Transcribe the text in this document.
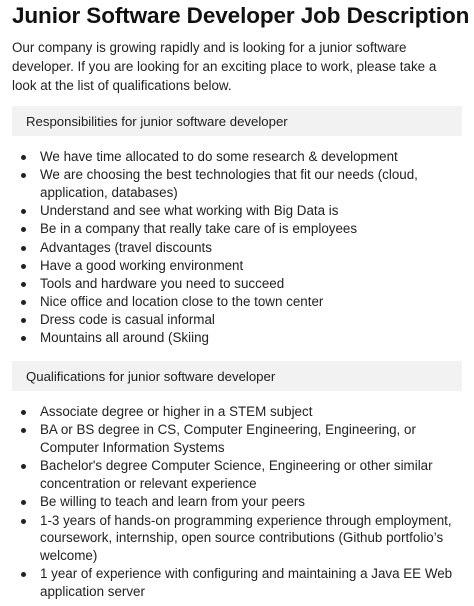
Junior Software Developer Job Description

Our company is growing rapidly and is looking for a junior software developer. If you are looking for an exciting place to work, please take a look at the list of qualifications below.

Responsibilities for junior software developer
We have time allocated to do some research & development
We are choosing the best technologies that fit our needs (cloud, application, databases)
Understand and see what working with Big Data is
Be in a company that really take care of is employees
Advantages (travel discounts
Have a good working environment
Tools and hardware you need to succeed
Nice office and location close to the town center
Dress code is casual informal
Mountains all around (Skiing
Qualifications for junior software developer
Associate degree or higher in a STEM subject
BA or BS degree in CS, Computer Engineering, Engineering, or Computer Information Systems
Bachelor's degree Computer Science, Engineering or other similar concentration or relevant experience
Be willing to teach and learn from your peers
1-3 years of hands-on programming experience through employment, coursework, internship, open source contributions (Github portfolio’s welcome)
1 year of experience with configuring and maintaining a Java EE Web application server
